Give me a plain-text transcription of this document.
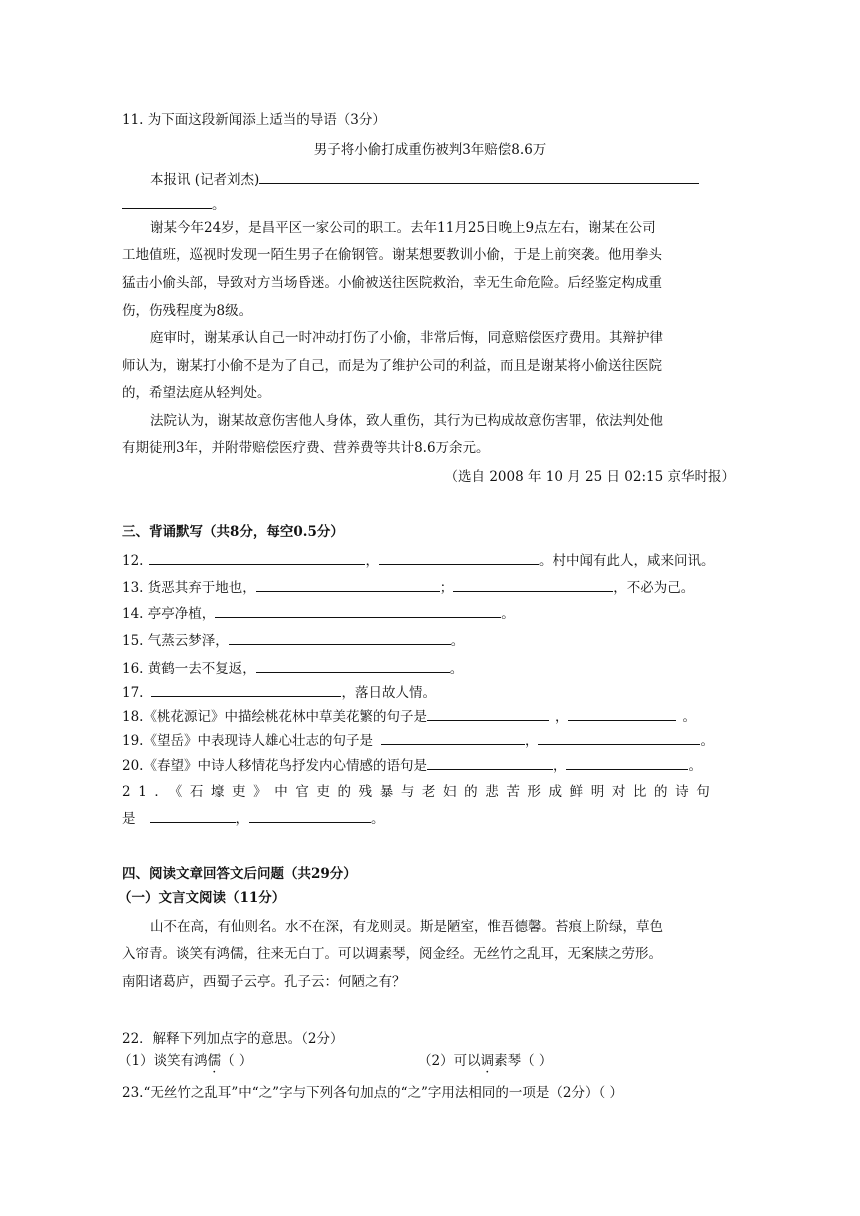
11. 为下面这段新闻添上适当的导语（3分）
男子将小偷打成重伤被判3年赔偿8.6万
本报讯 (记者刘杰)
。
谢某今年24岁，是昌平区一家公司的职工。去年11月25日晚上9点左右，谢某在公司
工地值班，巡视时发现一陌生男子在偷钢管。谢某想要教训小偷，于是上前突袭。他用拳头
猛击小偷头部，导致对方当场昏迷。小偷被送往医院救治，幸无生命危险。后经鉴定构成重
伤，伤残程度为8级。
庭审时，谢某承认自己一时冲动打伤了小偷，非常后悔，同意赔偿医疗费用。其辩护律
师认为，谢某打小偷不是为了自己，而是为了维护公司的利益，而且是谢某将小偷送往医院
的，希望法庭从轻判处。
法院认为，谢某故意伤害他人身体，致人重伤，其行为已构成故意伤害罪，依法判处他
有期徒刑3年，并附带赔偿医疗费、营养费等共计8.6万余元。
（选自 2008 年 10 月 25 日 02:15 京华时报）
三、背诵默写（共8分，每空0.5分）
12.	，	。村中闻有此人，咸来问讯。
13. 货恶其弃于地也，	；	，不必为己。
14. 亭亭净植，	。
15. 气蒸云梦泽，	。
16. 黄鹤一去不复返，	。
17.	，落日故人情。
18.《桃花源记》中描绘桃花林中草美花繁的句子是	，	。
19.《望岳》中表现诗人雄心壮志的句子是	，	。
20.《春望》中诗人移情花鸟抒发内心情感的语句是	，	。
21．《石壕吏》中官吏的残暴与老妇的悲苦形成鲜明对比的诗句
是	，	。
四、阅读文章回答文后问题（共29分）
（一）文言文阅读（11分）
山不在高，有仙则名。水不在深，有龙则灵。斯是陋室，惟吾德馨。苔痕上阶绿，草色
入帘青。谈笑有鸿儒，往来无白丁。可以调素琴，阅金经。无丝竹之乱耳，无案牍之劳形。
南阳诸葛庐，西蜀子云亭。孔子云：何陋之有？
22．解释下列加点字的意思。（2分）
（1）谈笑有鸿儒（ ）	（2）可以调素琴（ ）
23.“无丝竹之乱耳”中“之”字与下列各句加点的“之”字用法相同的一项是（2分）（ ）
